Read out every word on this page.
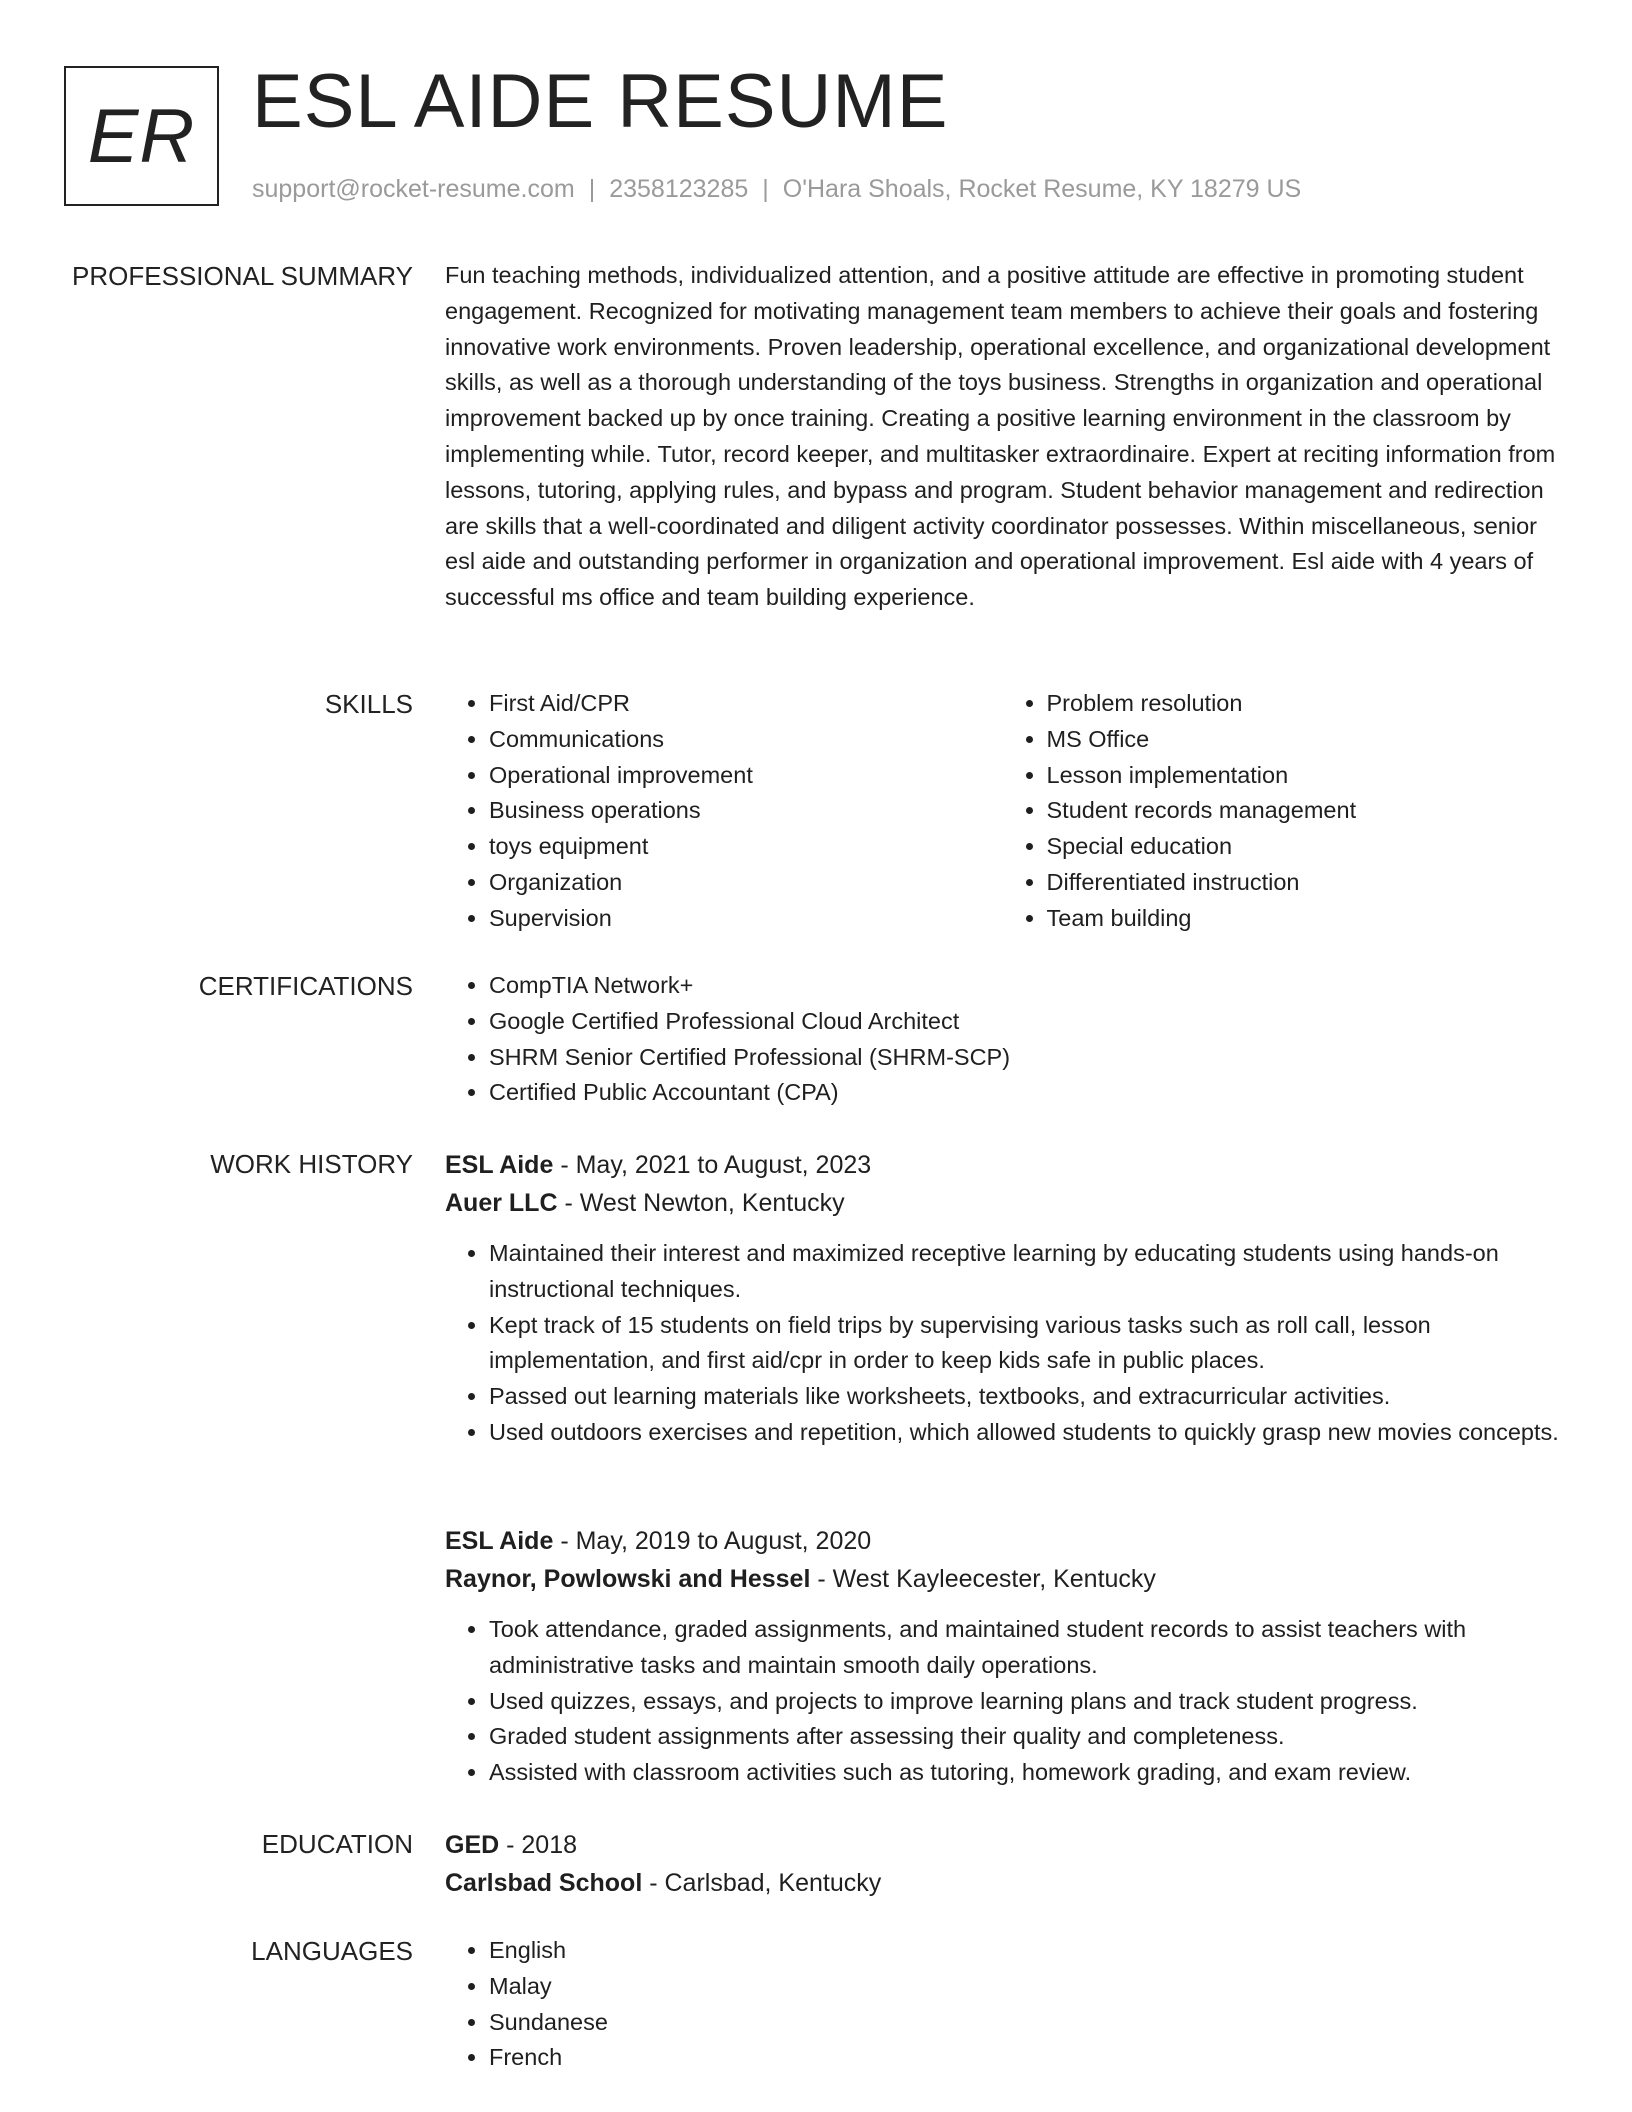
ER ESL AIDE RESUME
support@rocket-resume.com | 2358123285 | O'Hara Shoals, Rocket Resume, KY 18279 US
PROFESSIONAL SUMMARY Fun teaching methods, individualized attention, and a positive attitude are effective in promoting student engagement. Recognized for motivating management team members to achieve their goals and fostering innovative work environments. Proven leadership, operational excellence, and organizational development skills, as well as a thorough understanding of the toys business. Strengths in organization and operational improvement backed up by once training. Creating a positive learning environment in the classroom by implementing while. Tutor, record keeper, and multitasker extraordinaire. Expert at reciting information from lessons, tutoring, applying rules, and bypass and program. Student behavior management and redirection are skills that a well-coordinated and diligent activity coordinator possesses. Within miscellaneous, senior esl aide and outstanding performer in organization and operational improvement. Esl aide with 4 years of successful ms office and team building experience.

SKILLS	• First Aid/CPR
• Communications
• Operational improvement
• Business operations
• toys equipment
• Organization
• Supervision
• Problem resolution
• MS Office
• Lesson implementation
• Student records management
• Special education
• Differentiated instruction
• Team building
CERTIFICATIONS	• CompTIA Network+
• Google Certified Professional Cloud Architect
• SHRM Senior Certified Professional (SHRM-SCP)
• Certified Public Accountant (CPA)
WORK HISTORY ESL Aide - May, 2021 to August, 2023
Auer LLC - West Newton, Kentucky
• Maintained their interest and maximized receptive learning by educating students using hands-on instructional techniques.
• Kept track of 15 students on field trips by supervising various tasks such as roll call, lesson implementation, and first aid/cpr in order to keep kids safe in public places.
• Passed out learning materials like worksheets, textbooks, and extracurricular activities.
• Used outdoors exercises and repetition, which allowed students to quickly grasp new movies concepts.
ESL Aide - May, 2019 to August, 2020
Raynor, Powlowski and Hessel - West Kayleecester, Kentucky
• Took attendance, graded assignments, and maintained student records to assist teachers with administrative tasks and maintain smooth daily operations.
• Used quizzes, essays, and projects to improve learning plans and track student progress.
• Graded student assignments after assessing their quality and completeness.
• Assisted with classroom activities such as tutoring, homework grading, and exam review.
EDUCATION GED - 2018
Carlsbad School - Carlsbad, Kentucky
LANGUAGES	• English
• Malay
• Sundanese
• French
